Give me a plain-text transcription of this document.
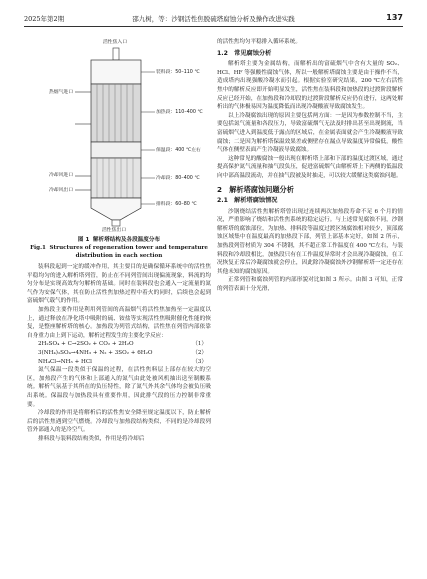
2025年第2期	邵九树，等：沙钢活性焦脱硫塔腐蚀分析及操作改进实践	137
活性焦入口
热烟气进口
冷却风进口
冷却风出口
装料段：50–110 ℃
加热段：110–400 ℃
保温段：400 ℃左右
冷却段：80–400 ℃
排料段：60–80 ℃
活性焦出口
图 1 解析塔结构及各段温度分布
Fig.1 Structures of regeneration tower and temperature
distribution in each section

装料段起到一定的缓冲作用，其主要目的是确保循环系统中的活性焦平稳均匀的进入解析塔列管，防止在不同列管间出现偏流现象，料流的均匀分布是实现高效均匀解析的基础。同时在装料段也会通入一定流量的氮气作为安保气体，其在防止活性焦加热过程中着火的同时，后续也会起到富硫烟气载气的作用。

加热段主要作用是利用列管间的高温烟气将活性焦加热至一定温度以上，通过释放在净化塔中吸附的硫、铵盐等实现活性焦吸附催化性能的恢复，是整座解析塔的核心。加热段为列管式结构，活性焦在列管内部依靠自身重力由上到下运动，解析过程发生的主要化学反应：

2H₂SO₄ + C→2SO₂ + CO₂ + 2H₂O	（1）
3(NH₄)₂SO₄→4NH₃ + N₂ + 3SO₂ + 6H₂O	（2）
NH₄Cl→NH₃ + HCl	（3）

氮气保温一段类似于保温的过程，在活性焦料层上部存在较大的空区，加热段产生的气体和上部通入的氮气由此处被风机抽出送至制酸系统。解析气氛基于其所在的负压特性，除了氮气外其余气体均会被负压吸出系统。保温段与加热段具有重要作用，因此排气段的压力控制非常重要。

冷却段的作用是将解析后的活性焦安全降至规定温度以下，防止解析后的活性焦遇到空气燃烧。冷却段与加热段结构类似，不同的是冷却段列管外部通入的是冷空气。

排料段与装料段结构类似，作用是将冷却后

的活性焦均匀平稳排入循环系统。

1.2　常见腐蚀分析

解析塔主要为金属结构，而解析出的富硫烟气中含有大量的 SO₂、HCl、HF 等强酸性腐蚀气体，所以一般解析塔腐蚀主要是由于操作不当，造成塔内出现强酸冷凝水而引起。根据实验室研究结果，200 ℃左右活性焦中的解析反应即开始明显发生，活性焦在装料段和加热段的过渡阶段解析反应已经开始，在加热段和冷却段的过渡阶段解析反应仍在进行，这两处解析出的气体极易因为温度降低而出现冷凝酸液导致腐蚀发生。

以上冷凝腐蚀出现的原因主要包括两方面：一是因为参数控制不当，主要包括氮气流量和各段压力，导致富硫烟气无法及时排出甚至出现倒流，当富硫烟气进入到温度低于露点的区域后，在金属表面就会产生冷凝酸液导致腐蚀；二是因为解析塔保温效果差或侧壁存在漏点导致温度异常偏低，酸性气体在侧壁表面产生冷凝液导致腐蚀。

这种常见的酸腐蚀一般出现在解析塔上部和下部的温度过渡区域，通过提高保护氮气流量和抽气段负压，促进富硫烟气由解析塔上下两侧的低温段向中部高温段流动，并在抽气段被及时抽走，可以较大缓解这类腐蚀问题。

2　解析塔腐蚀问题分析
2.1　解析塔腐蚀情况

沙钢烧结活性焦解析塔曾出现过连续两次加热段寿命不足 6 个月的情况，严重影响了烧结和活性焦系统的稳定运行。与上述常见腐蚀不同，沙钢解析塔的腐蚀部位，为加热、排料段等温度过渡区域腐蚀相对较少，顶部腐蚀区域集中在温度最高的加热段下部，列管上部基本完好，如图 2 所示，加热段列管材质为 304 不锈钢，其不超正常工作温度在 400 ℃左右，与装料段和冷却段相比，加热段只有在工作温度异常时才会出现冷凝腐蚀，在工况恢复正常后冷凝腐蚀就会停止，因此除冷凝腐蚀外沙钢解析塔一定还存在其他未知的腐蚀原因。

正常列管和腐蚀列管的内部形貌对比如图 3 所示。由图 3 可知，正常的列管表面十分光滑，
